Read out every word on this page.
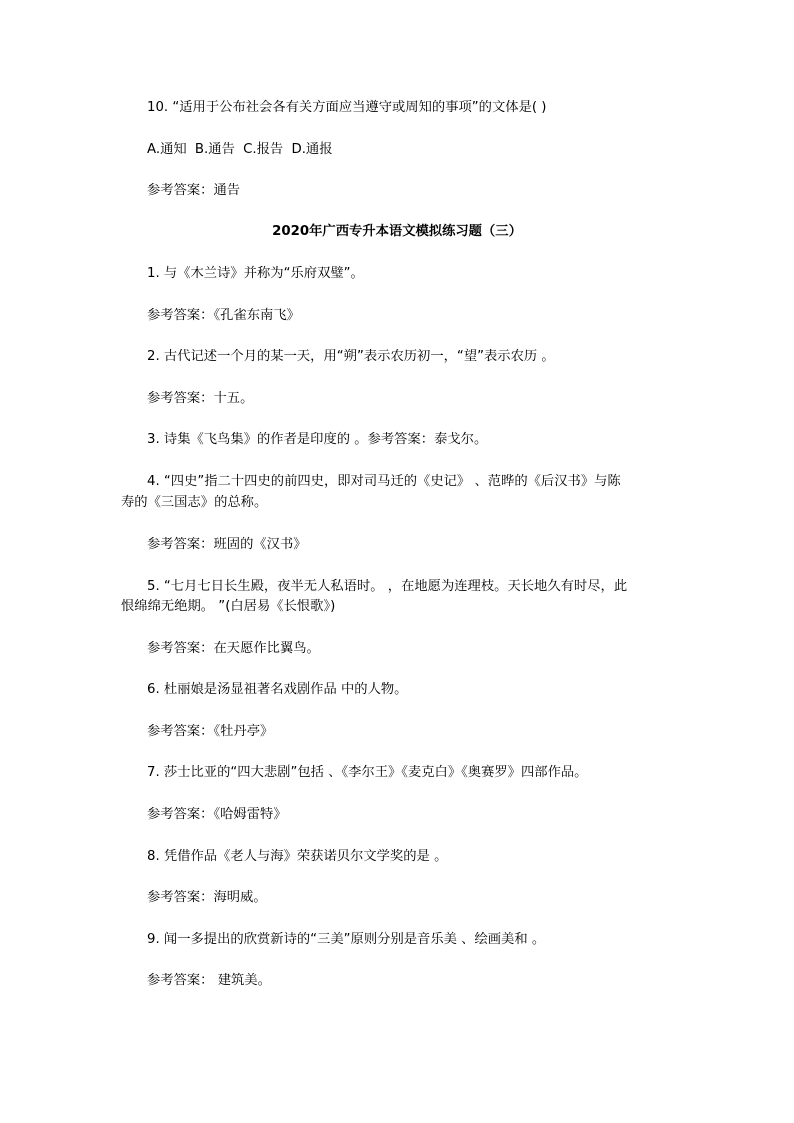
10. “适用于公布社会各有关方面应当遵守或周知的事项”的文体是( )
A.通知 B.通告 C.报告 D.通报
参考答案：通告
2020年广西专升本语文模拟练习题（三）
1. 与《木兰诗》并称为“乐府双璧”。
参考答案：《孔雀东南飞》
2. 古代记述一个月的某一天，用“朔”表示农历初一，“望”表示农历 。
参考答案：十五。
3. 诗集《飞鸟集》的作者是印度的 。参考答案：泰戈尔。
4. “四史”指二十四史的前四史，即对司马迁的《史记》 、范晔的《后汉书》与陈
寿的《三国志》的总称。
参考答案：班固的《汉书》
5. “七月七日长生殿，夜半无人私语时。 ，在地愿为连理枝。天长地久有时尽，此
恨绵绵无绝期。 ”(白居易《长恨歌》)
参考答案：在天愿作比翼鸟。
6. 杜丽娘是汤显祖著名戏剧作品 中的人物。
参考答案：《牡丹亭》
7. 莎士比亚的“四大悲剧”包括 、《李尔王》《麦克白》《奥赛罗》四部作品。
参考答案：《哈姆雷特》
8. 凭借作品《老人与海》荣获诺贝尔文学奖的是 。
参考答案：海明威。
9. 闻一多提出的欣赏新诗的“三美”原则分别是音乐美 、绘画美和 。
参考答案： 建筑美。
